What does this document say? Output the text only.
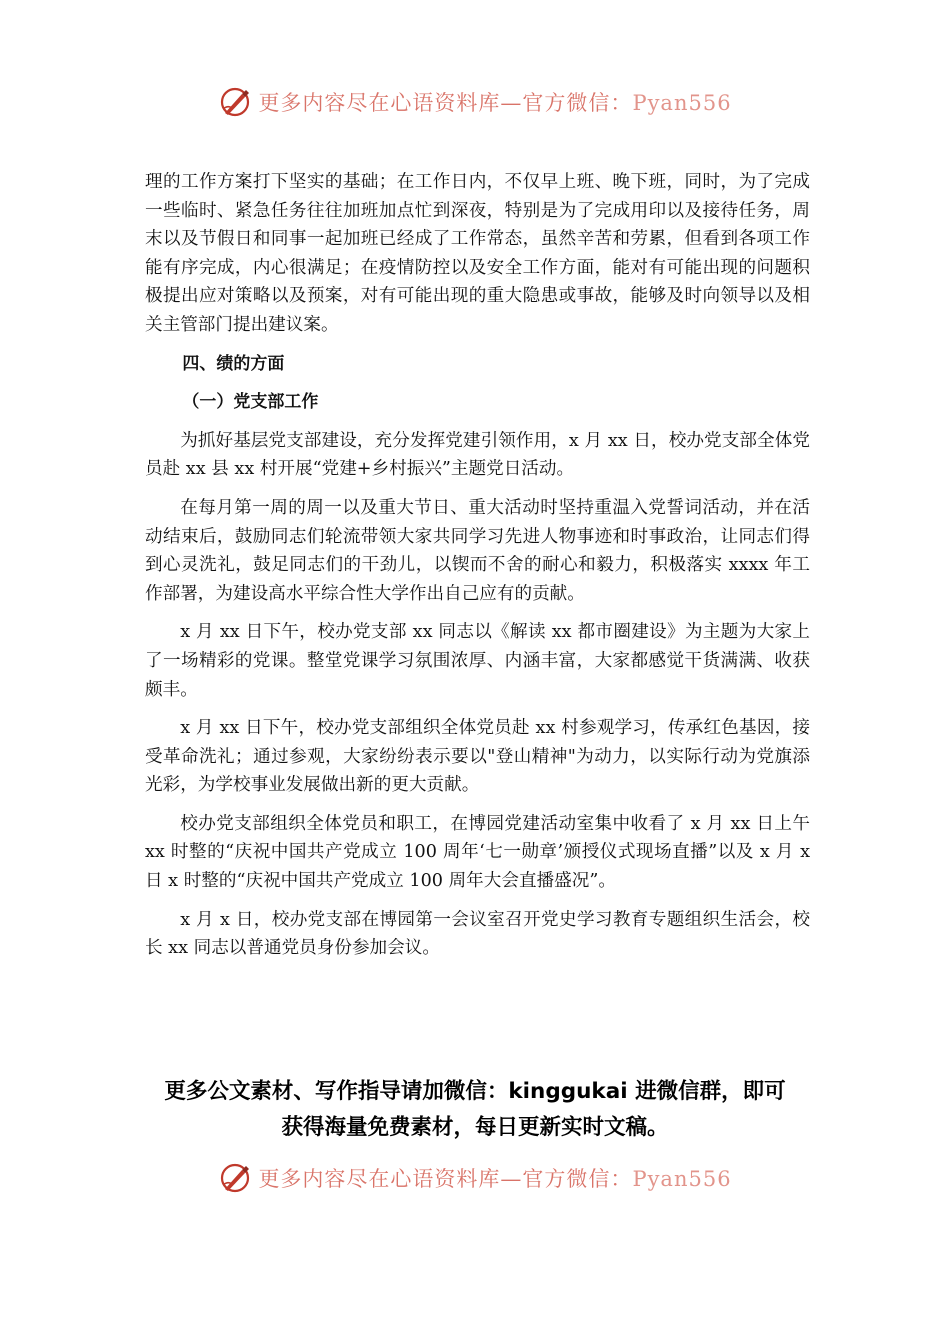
更多内容尽在心语资料库—官方微信：Pyan556

理的工作方案打下坚实的基础；在工作日内，不仅早上班、晚下班，同时，为了完成一些临时、紧急任务往往加班加点忙到深夜，特别是为了完成用印以及接待任务，周末以及节假日和同事一起加班已经成了工作常态，虽然辛苦和劳累，但看到各项工作能有序完成，内心很满足；在疫情防控以及安全工作方面，能对有可能出现的问题积极提出应对策略以及预案，对有可能出现的重大隐患或事故，能够及时向领导以及相关主管部门提出建议案。

四、绩的方面

（一）党支部工作

为抓好基层党支部建设，充分发挥党建引领作用，x 月 xx 日，校办党支部全体党员赴 xx 县 xx 村开展“党建+乡村振兴”主题党日活动。

在每月第一周的周一以及重大节日、重大活动时坚持重温入党誓词活动，并在活动结束后，鼓励同志们轮流带领大家共同学习先进人物事迹和时事政治，让同志们得到心灵洗礼，鼓足同志们的干劲儿，以锲而不舍的耐心和毅力，积极落实 xxxx 年工作部署，为建设高水平综合性大学作出自己应有的贡献。

x 月 xx 日下午，校办党支部 xx 同志以《解读 xx 都市圈建设》为主题为大家上了一场精彩的党课。整堂党课学习氛围浓厚、内涵丰富，大家都感觉干货满满、收获颇丰。

x 月 xx 日下午，校办党支部组织全体党员赴 xx 村参观学习，传承红色基因，接受革命洗礼；通过参观，大家纷纷表示要以"登山精神"为动力，以实际行动为党旗添光彩，为学校事业发展做出新的更大贡献。

校办党支部组织全体党员和职工，在博园党建活动室集中收看了 x 月 xx 日上午 xx 时整的“庆祝中国共产党成立 100 周年‘七一勋章’颁授仪式现场直播”以及 x 月 x 日 x 时整的“庆祝中国共产党成立 100 周年大会直播盛况”。

x 月 x 日，校办党支部在博园第一会议室召开党史学习教育专题组织生活会，校长 xx 同志以普通党员身份参加会议。

更多公文素材、写作指导请加微信：kinggukai 进微信群，即可
获得海量免费素材，每日更新实时文稿。
更多内容尽在心语资料库—官方微信：Pyan556
